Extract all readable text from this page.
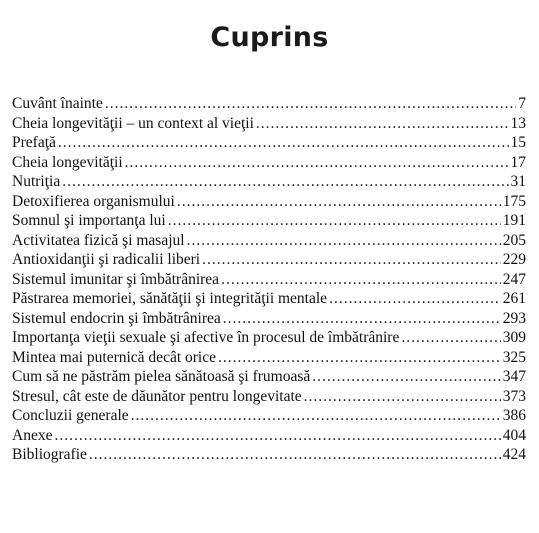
Cuprins
Cuvânt înainte .....	7
Cheia longevităţii – un context al vieţii .....	13
Prefaţă .....	15
Cheia longevităţii .....	17
Nutriţia .....	31
Detoxifierea organismului .....	175
Somnul şi importanţa lui .....	191
Activitatea fizică şi masajul .....	205
Antioxidanţii şi radicalii liberi .....	229
Sistemul imunitar şi îmbătrânirea .....	247
Păstrarea memoriei, sănătăţii şi integrităţii mentale .....	261
Sistemul endocrin şi îmbătrânirea .....	293
Importanţa vieţii sexuale şi afective în procesul de îmbătrânire .....	309
Mintea mai puternică decât orice .....	325
Cum să ne păstrăm pielea sănătoasă şi frumoasă .....	347
Stresul, cât este de dăunător pentru longevitate .....	373
Concluzii generale .....	386
Anexe .....	404
Bibliografie .....	424
